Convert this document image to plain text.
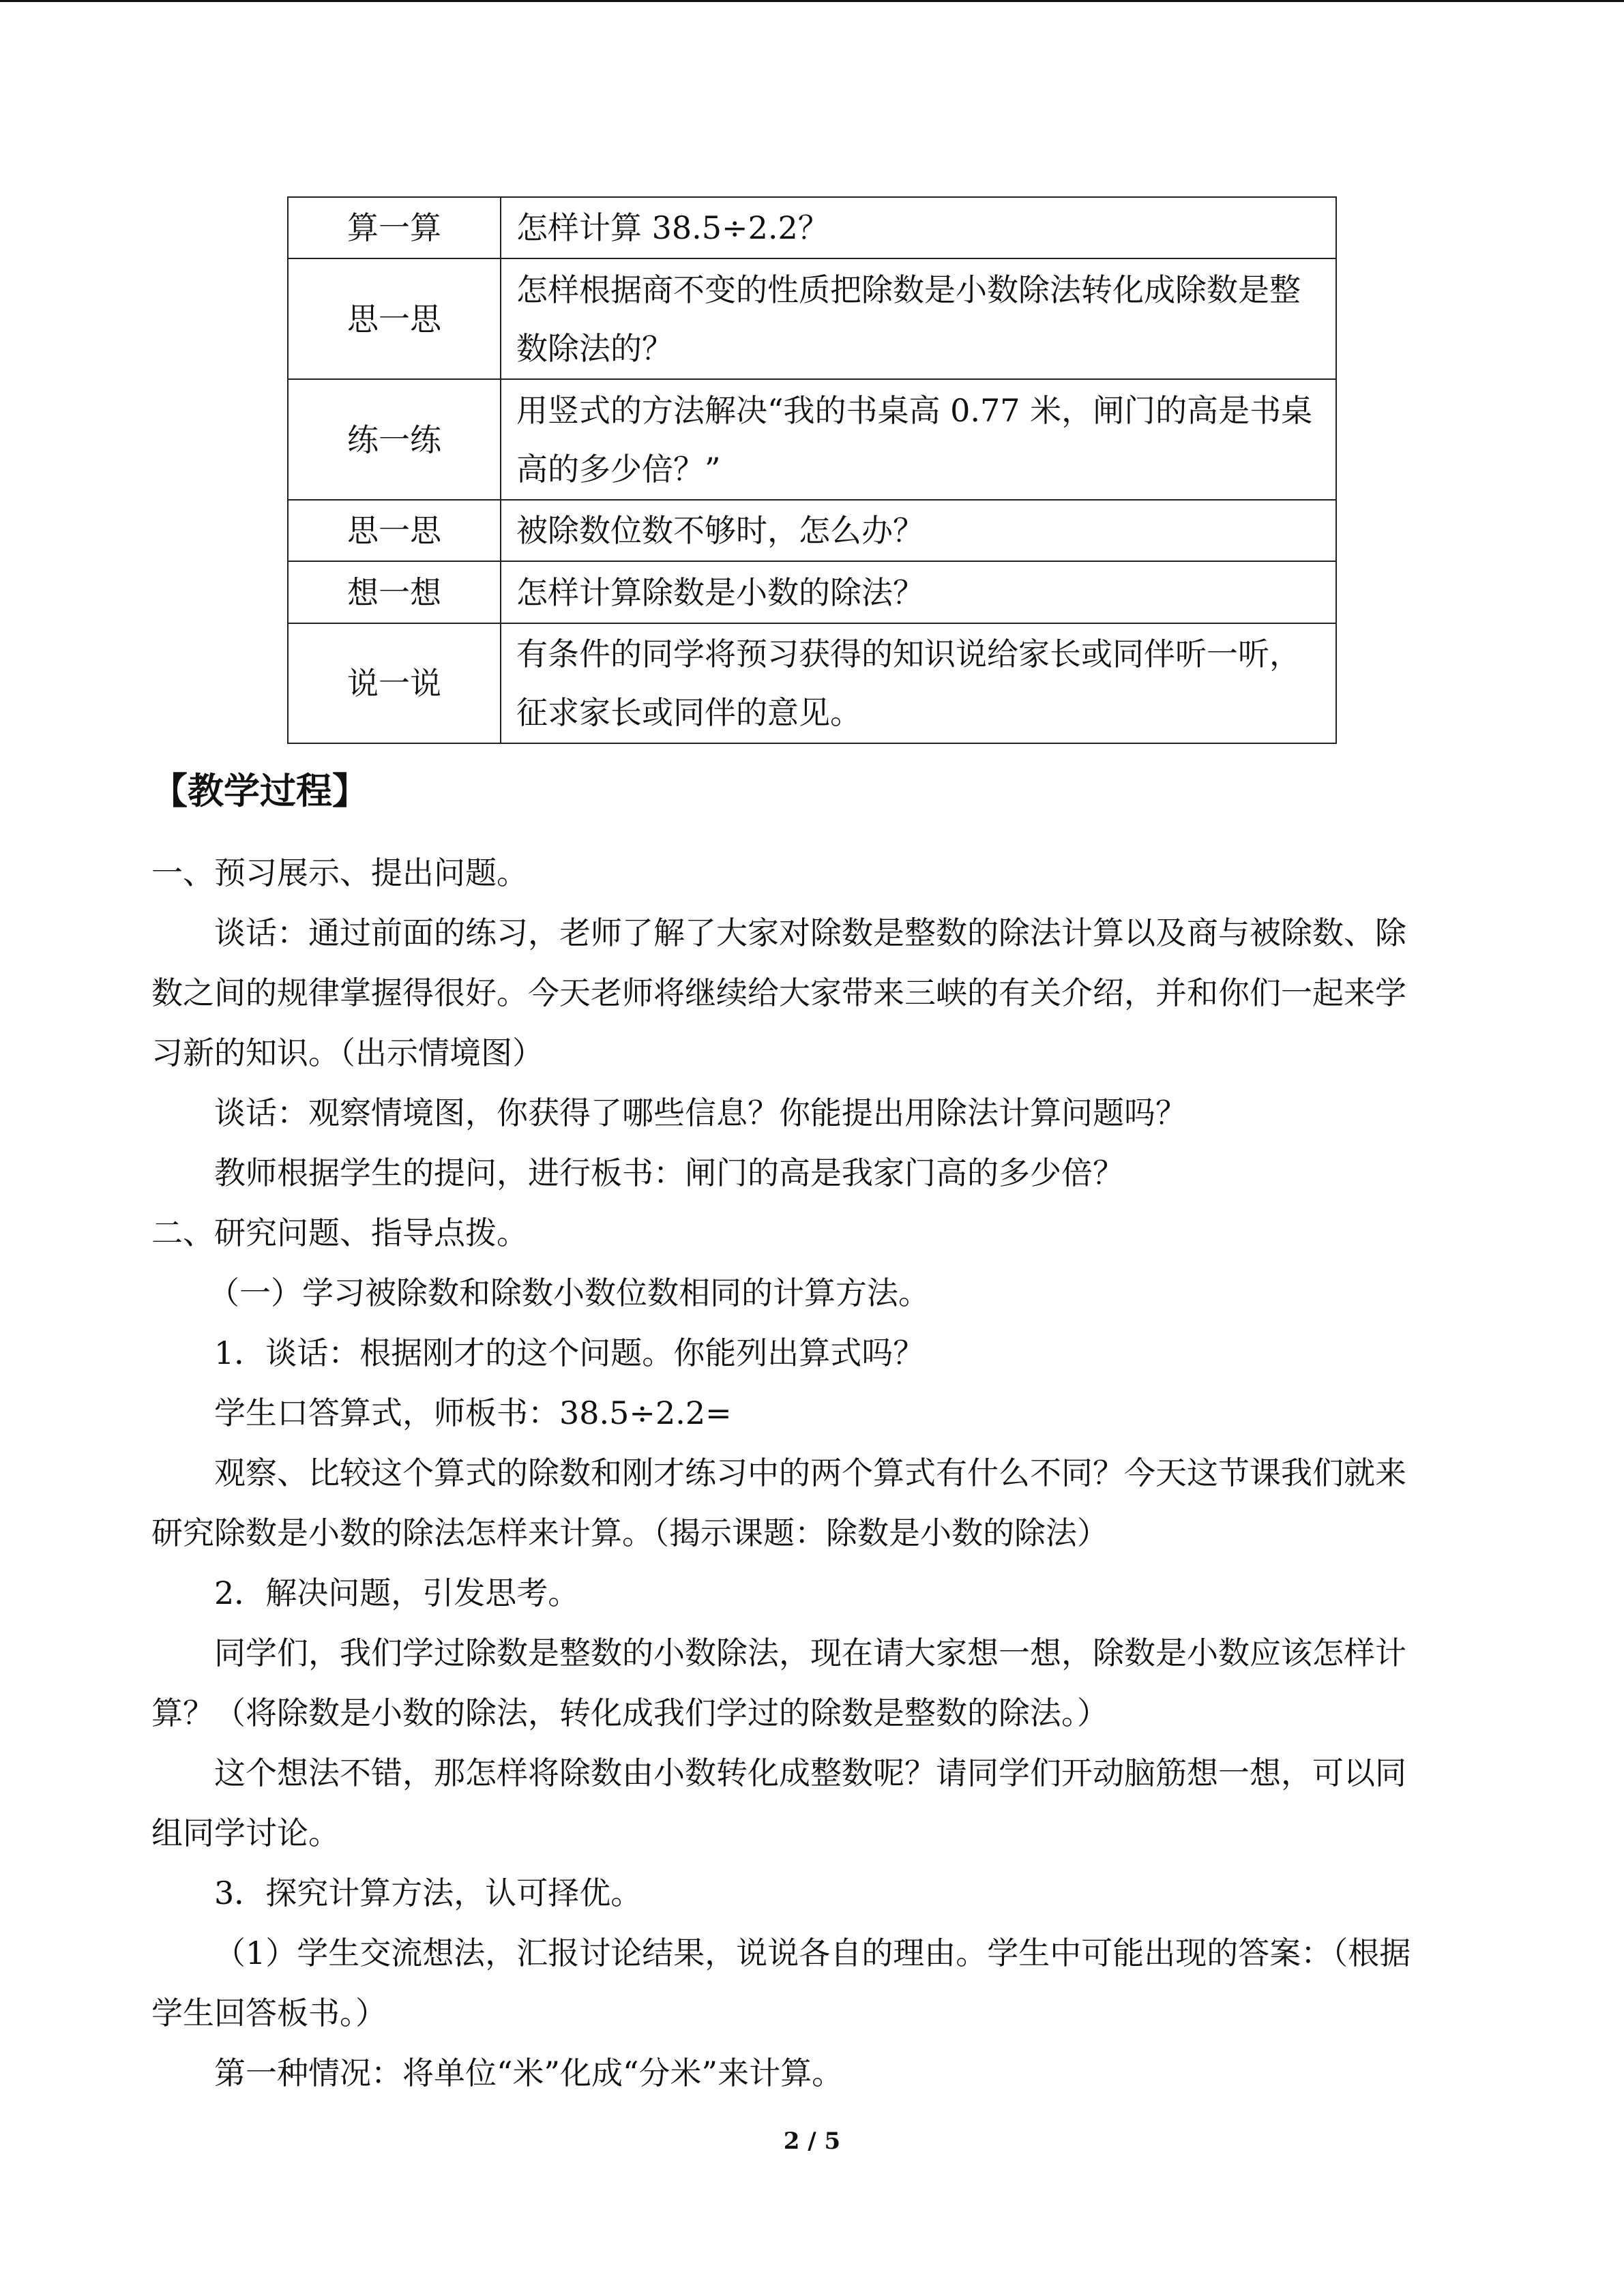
算一算	怎样计算 38.5÷2.2？
思一思	怎样根据商不变的性质把除数是小数除法转化成除数是整数除法的？
练一练	用竖式的方法解决“我的书桌高 0.77 米，闸门的高是书桌高的多少倍？”
思一思	被除数位数不够时，怎么办？
想一想	怎样计算除数是小数的除法？
说一说	有条件的同学将预习获得的知识说给家长或同伴听一听，征求家长或同伴的意见。
【教学过程】
一、预习展示、提出问题。
谈话：通过前面的练习，老师了解了大家对除数是整数的除法计算以及商与被除数、除
数之间的规律掌握得很好。今天老师将继续给大家带来三峡的有关介绍，并和你们一起来学
习新的知识。（出示情境图）
谈话：观察情境图，你获得了哪些信息？你能提出用除法计算问题吗？
教师根据学生的提问，进行板书：闸门的高是我家门高的多少倍？
二、研究问题、指导点拨。
（一）学习被除数和除数小数位数相同的计算方法。
1．谈话：根据刚才的这个问题。你能列出算式吗？
学生口答算式，师板书：38.5÷2.2=
观察、比较这个算式的除数和刚才练习中的两个算式有什么不同？今天这节课我们就来
研究除数是小数的除法怎样来计算。（揭示课题：除数是小数的除法）
2．解决问题，引发思考。
同学们，我们学过除数是整数的小数除法，现在请大家想一想，除数是小数应该怎样计
算？（将除数是小数的除法，转化成我们学过的除数是整数的除法。）
这个想法不错，那怎样将除数由小数转化成整数呢？请同学们开动脑筋想一想，可以同
组同学讨论。
3．探究计算方法，认可择优。
（1）学生交流想法，汇报讨论结果，说说各自的理由。学生中可能出现的答案：（根据
学生回答板书。）
第一种情况：将单位“米”化成“分米”来计算。
2 / 5
